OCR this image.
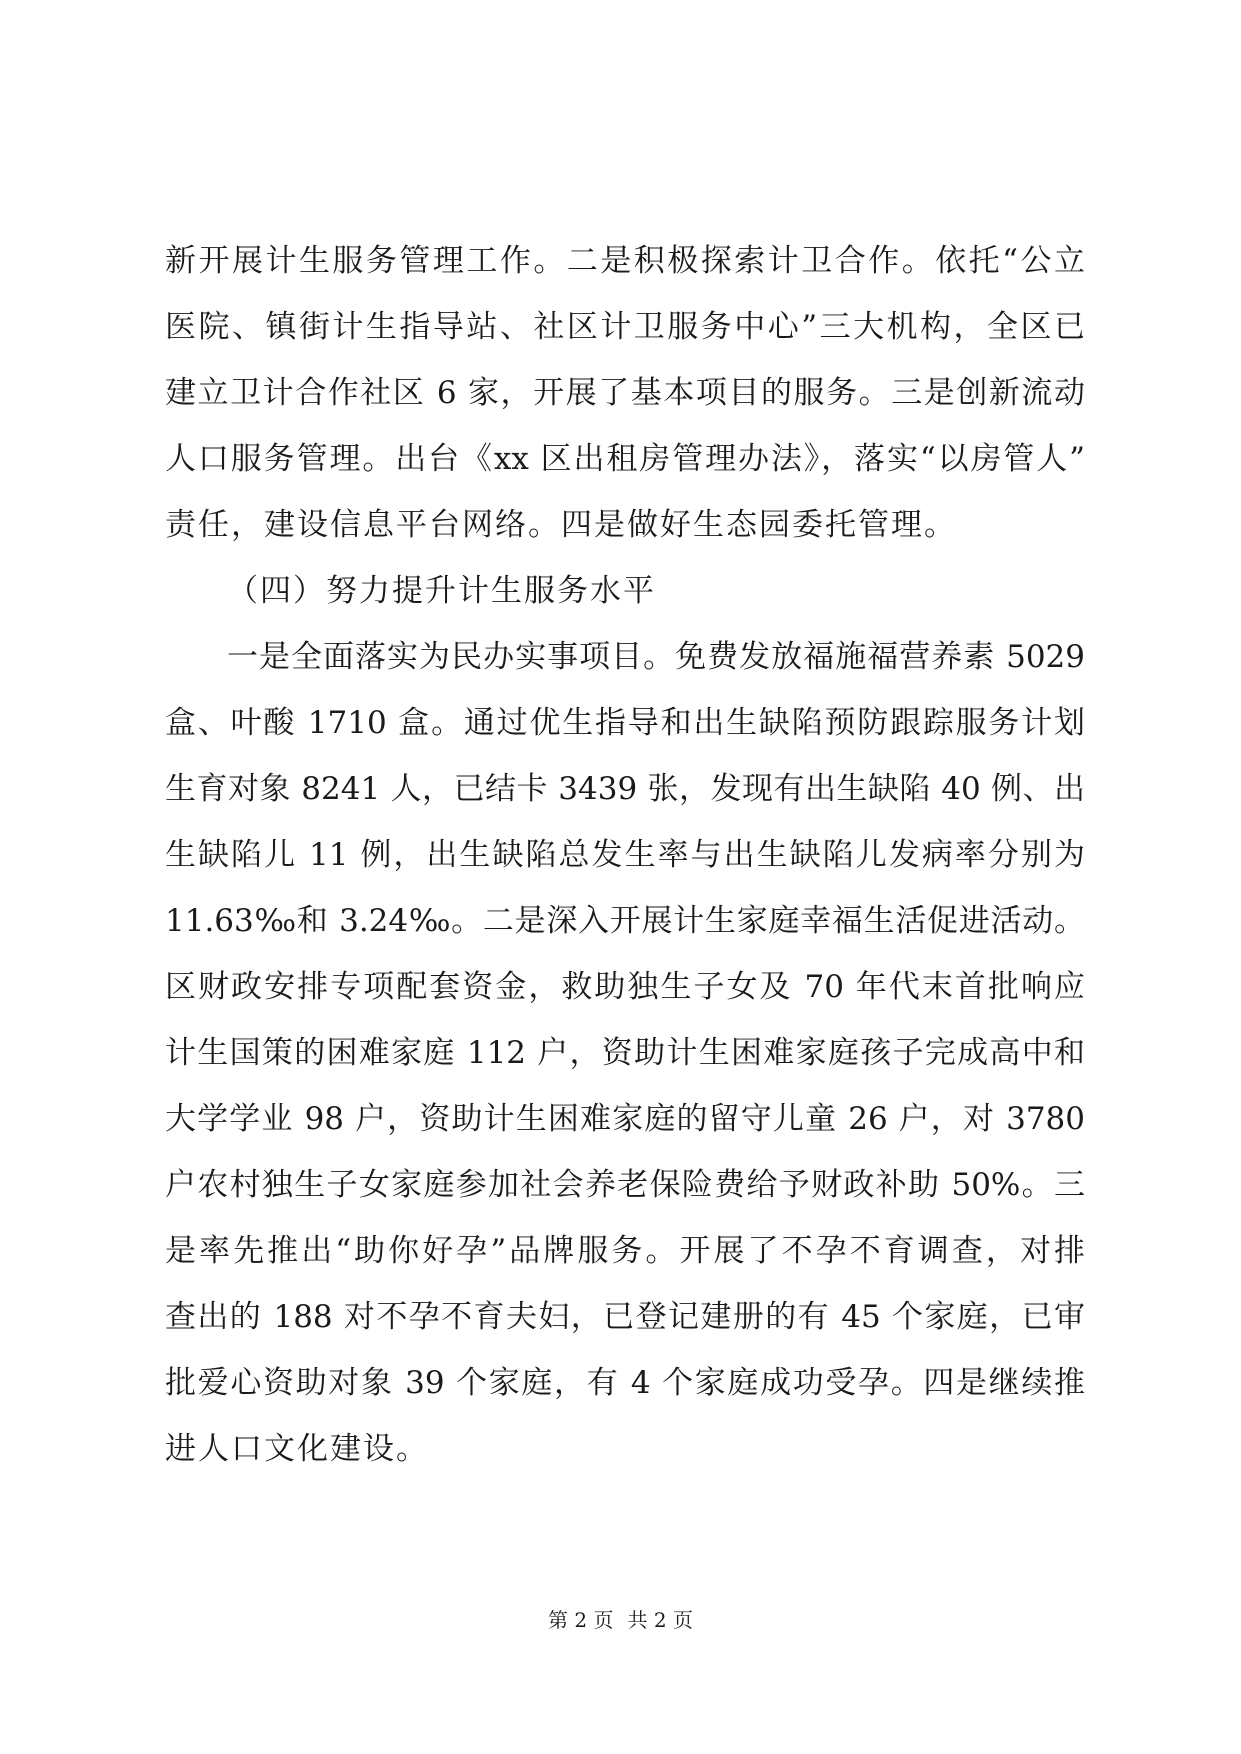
新开展计生服务管理工作。二是积极探索计卫合作。依托“公立
医院、镇街计生指导站、社区计卫服务中心”三大机构，全区已
建立卫计合作社区 6 家，开展了基本项目的服务。三是创新流动
人口服务管理。出台《xx 区出租房管理办法》，落实“以房管人”
责任，建设信息平台网络。四是做好生态园委托管理。
（四）努力提升计生服务水平
一是全面落实为民办实事项目。免费发放福施福营养素 5029
盒、叶酸 1710 盒。通过优生指导和出生缺陷预防跟踪服务计划
生育对象 8241 人，已结卡 3439 张，发现有出生缺陷 40 例、出
生缺陷儿 11 例，出生缺陷总发生率与出生缺陷儿发病率分别为
11.63‰和 3.24‰。二是深入开展计生家庭幸福生活促进活动。
区财政安排专项配套资金，救助独生子女及 70 年代末首批响应
计生国策的困难家庭 112 户，资助计生困难家庭孩子完成高中和
大学学业 98 户，资助计生困难家庭的留守儿童 26 户，对 3780
户农村独生子女家庭参加社会养老保险费给予财政补助 50%。三
是率先推出“助你好孕”品牌服务。开展了不孕不育调查，对排
查出的 188 对不孕不育夫妇，已登记建册的有 45 个家庭，已审
批爱心资助对象 39 个家庭，有 4 个家庭成功受孕。四是继续推
进人口文化建设。
第 2 页 共 2 页
